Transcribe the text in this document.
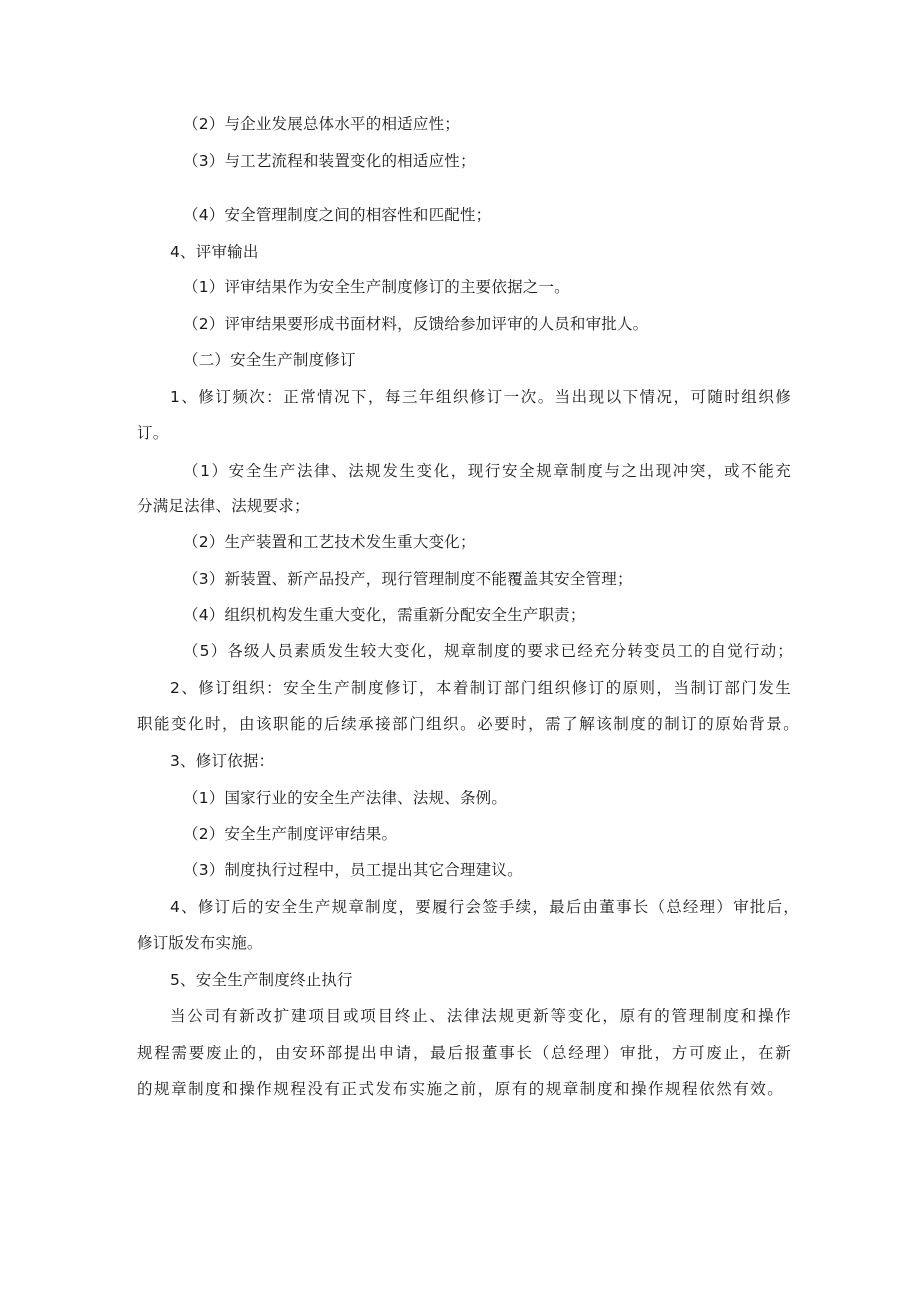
（2）与企业发展总体水平的相适应性；
（3）与工艺流程和装置变化的相适应性；
（4）安全管理制度之间的相容性和匹配性；
4、评审输出
（1）评审结果作为安全生产制度修订的主要依据之一。
（2）评审结果要形成书面材料，反馈给参加评审的人员和审批人。
（二）安全生产制度修订
1、修订频次：正常情况下，每三年组织修订一次。当出现以下情况，可随时组织修
订。
（1）安全生产法律、法规发生变化，现行安全规章制度与之出现冲突，或不能充
分满足法律、法规要求；
（2）生产装置和工艺技术发生重大变化；
（3）新装置、新产品投产，现行管理制度不能覆盖其安全管理；
（4）组织机构发生重大变化，需重新分配安全生产职责；
（5）各级人员素质发生较大变化，规章制度的要求已经充分转变员工的自觉行动；
2、修订组织：安全生产制度修订，本着制订部门组织修订的原则，当制订部门发生
职能变化时，由该职能的后续承接部门组织。必要时，需了解该制度的制订的原始背景。
3、修订依据：
（1）国家行业的安全生产法律、法规、条例。
（2）安全生产制度评审结果。
（3）制度执行过程中，员工提出其它合理建议。
4、修订后的安全生产规章制度，要履行会签手续，最后由董事长（总经理）审批后，
修订版发布实施。
5、安全生产制度终止执行
当公司有新改扩建项目或项目终止、法律法规更新等变化，原有的管理制度和操作
规程需要废止的，由安环部提出申请，最后报董事长（总经理）审批，方可废止，在新
的规章制度和操作规程没有正式发布实施之前，原有的规章制度和操作规程依然有效。
